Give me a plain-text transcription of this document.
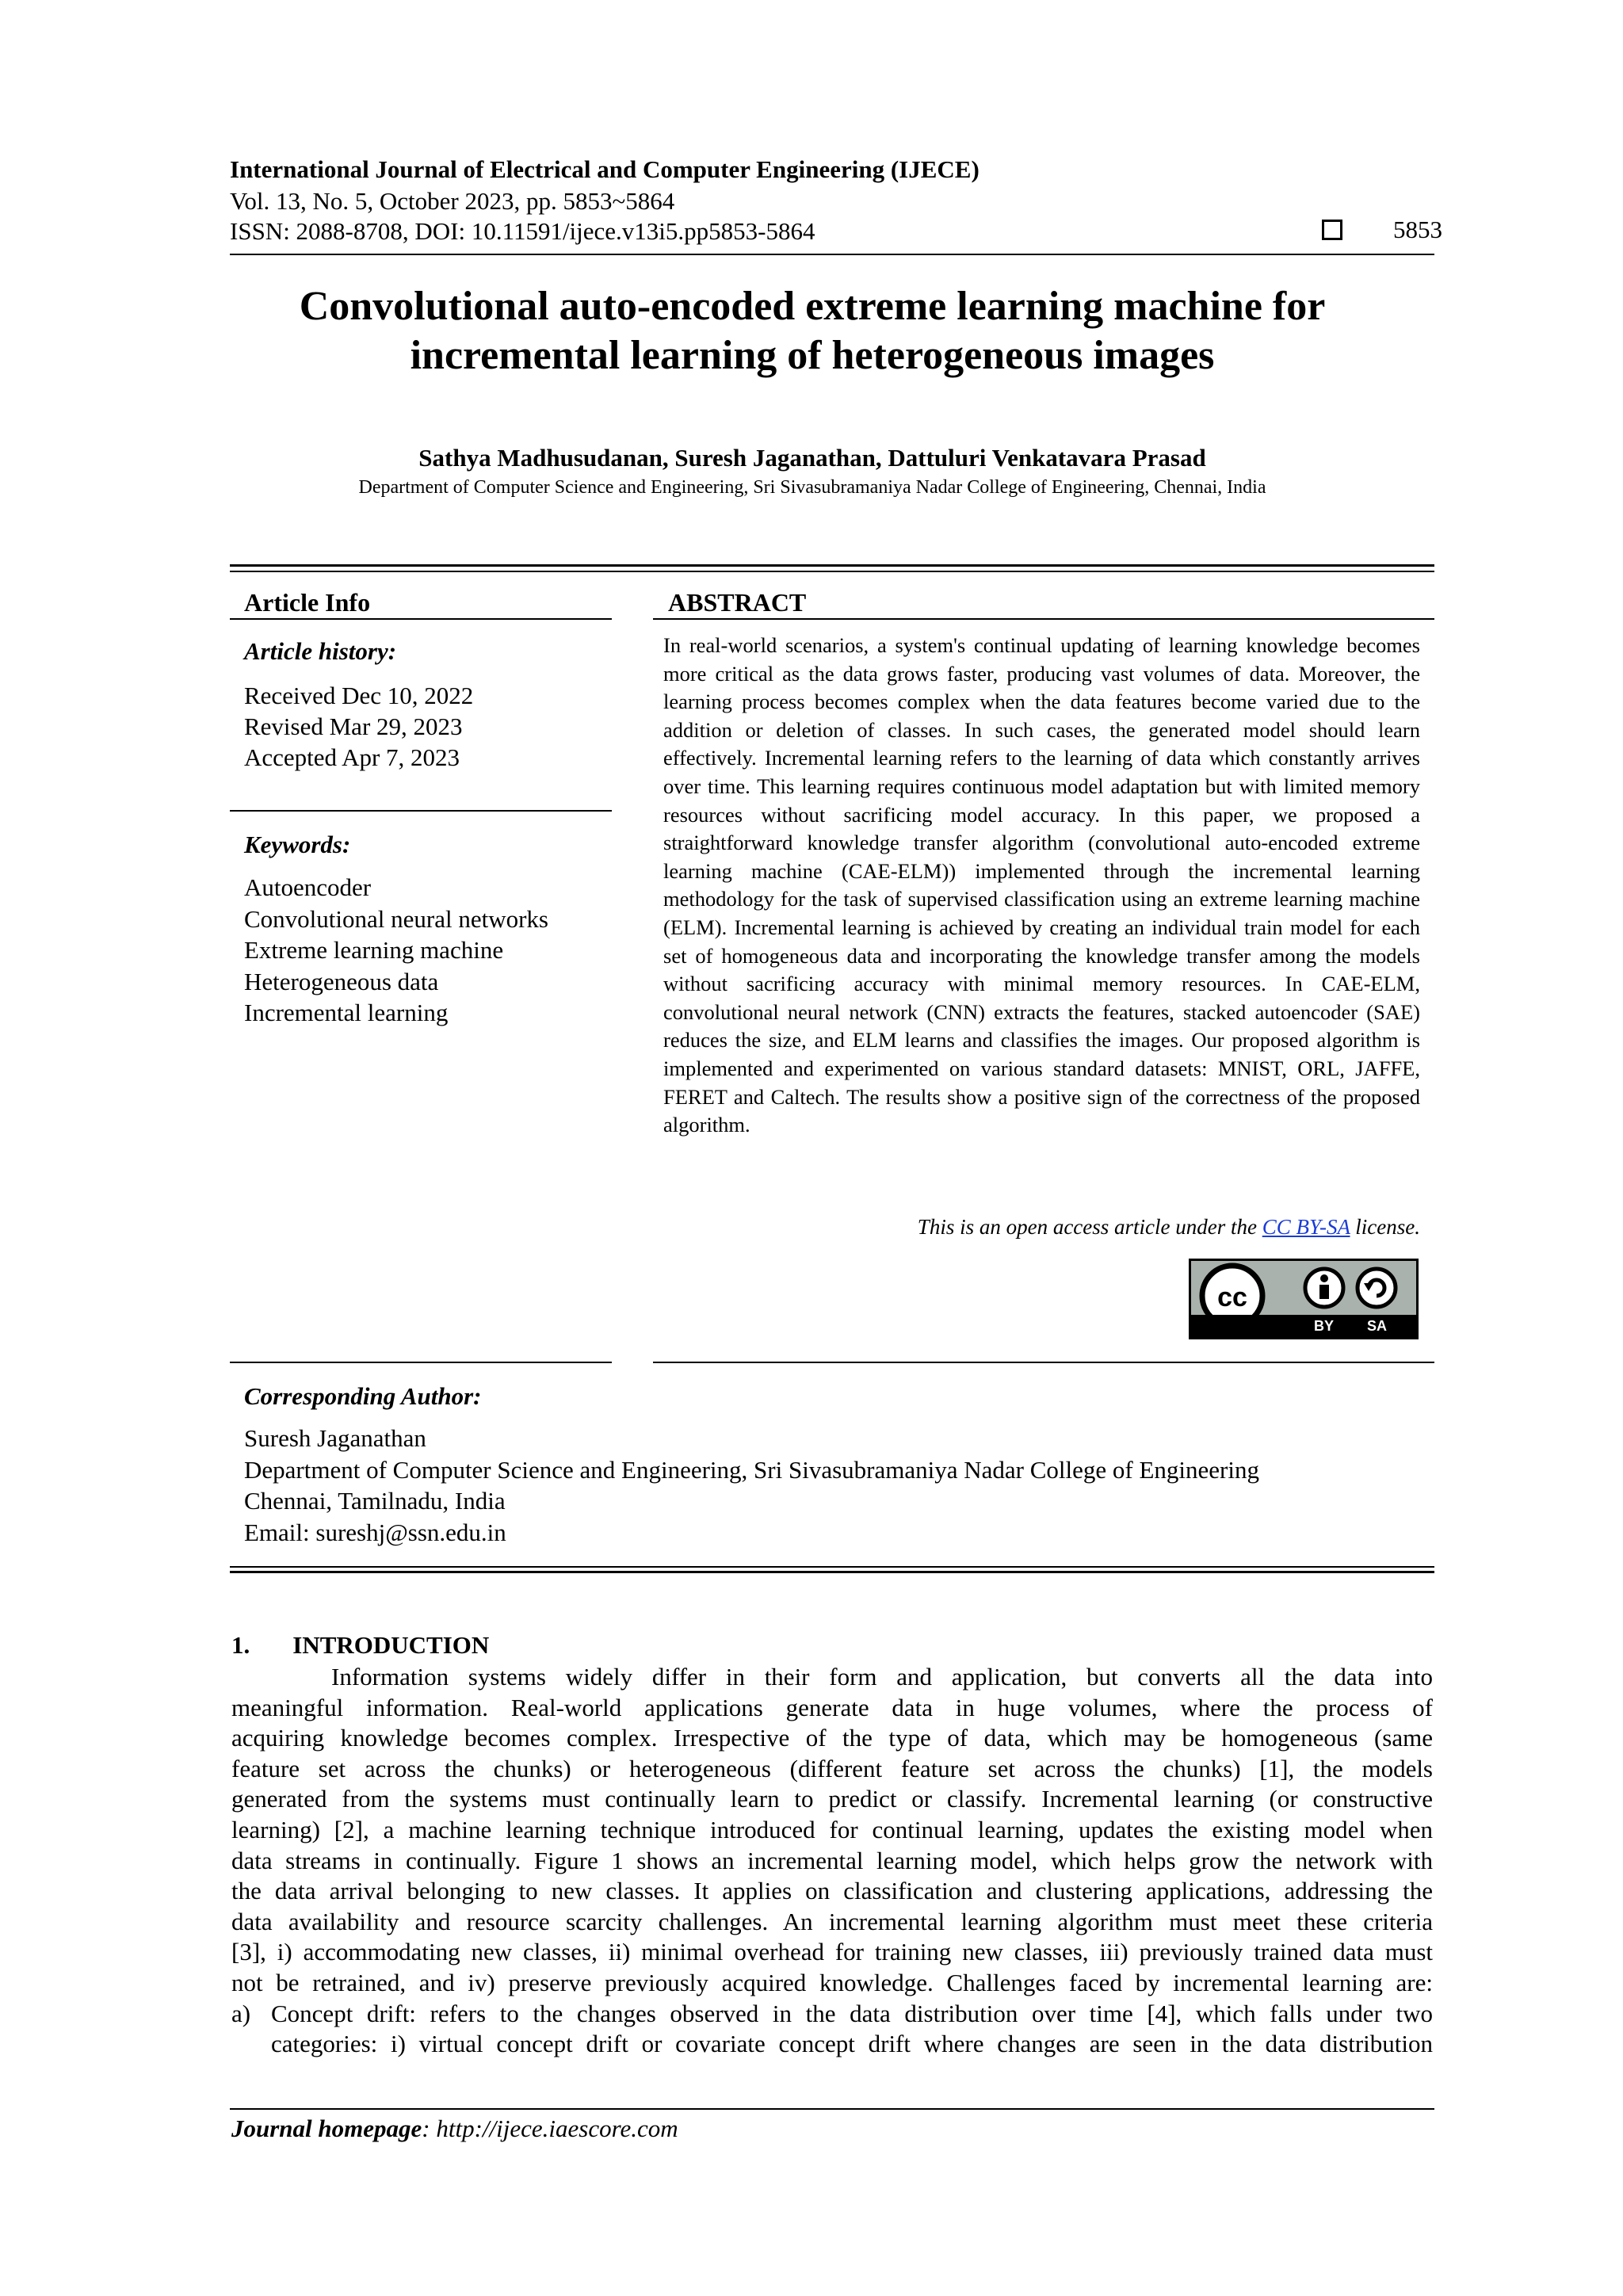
International Journal of Electrical and Computer Engineering (IJECE)
Vol. 13, No. 5, October 2023, pp. 5853~5864
ISSN: 2088-8708, DOI: 10.11591/ijece.v13i5.pp5853-5864	5853
Convolutional auto-encoded extreme learning machine for
incremental learning of heterogeneous images
Sathya Madhusudanan, Suresh Jaganathan, Dattuluri Venkatavara Prasad
Department of Computer Science and Engineering, Sri Sivasubramaniya Nadar College of Engineering, Chennai, India
Article Info
Article history:
Received Dec 10, 2022
Revised Mar 29, 2023
Accepted Apr 7, 2023
Keywords:
Autoencoder
Convolutional neural networks
Extreme learning machine
Heterogeneous data
Incremental learning
ABSTRACT
In real-world scenarios, a system's continual updating of learning knowledge becomes more critical as the data grows faster, producing vast volumes of data. Moreover, the learning process becomes complex when the data features become varied due to the addition or deletion of classes. In such cases, the generated model should learn effectively. Incremental learning refers to the learning of data which constantly arrives over time. This learning requires continuous model adaptation but with limited memory resources without sacrificing model accuracy. In this paper, we proposed a straightforward knowledge transfer algorithm (convolutional auto-encoded extreme learning machine (CAE-ELM)) implemented through the incremental learning methodology for the task of supervised classification using an extreme learning machine (ELM). Incremental learning is achieved by creating an individual train model for each set of homogeneous data and incorporating the knowledge transfer among the models without sacrificing accuracy with minimal memory resources. In CAE-ELM, convolutional neural network (CNN) extracts the features, stacked autoencoder (SAE) reduces the size, and ELM learns and classifies the images. Our proposed algorithm is implemented and experimented on various standard datasets: MNIST, ORL, JAFFE, FERET and Caltech. The results show a positive sign of the correctness of the proposed algorithm.
This is an open access article under the CC BY-SA license.
cc
BY SA
Corresponding Author:
Suresh Jaganathan
Department of Computer Science and Engineering, Sri Sivasubramaniya Nadar College of Engineering
Chennai, Tamilnadu, India
Email: sureshj@ssn.edu.in
1. INTRODUCTION
Information systems widely differ in their form and application, but converts all the data into
meaningful information. Real-world applications generate data in huge volumes, where the process of
acquiring knowledge becomes complex. Irrespective of the type of data, which may be homogeneous (same
feature set across the chunks) or heterogeneous (different feature set across the chunks) [1], the models
generated from the systems must continually learn to predict or classify. Incremental learning (or constructive
learning) [2], a machine learning technique introduced for continual learning, updates the existing model when
data streams in continually. Figure 1 shows an incremental learning model, which helps grow the network with
the data arrival belonging to new classes. It applies on classification and clustering applications, addressing the
data availability and resource scarcity challenges. An incremental learning algorithm must meet these criteria
[3], i) accommodating new classes, ii) minimal overhead for training new classes, iii) previously trained data must
not be retrained, and iv) preserve previously acquired knowledge. Challenges faced by incremental learning are:
a) Concept drift: refers to the changes observed in the data distribution over time [4], which falls under two
categories: i) virtual concept drift or covariate concept drift where changes are seen in the data distribution
Journal homepage: http://ijece.iaescore.com
